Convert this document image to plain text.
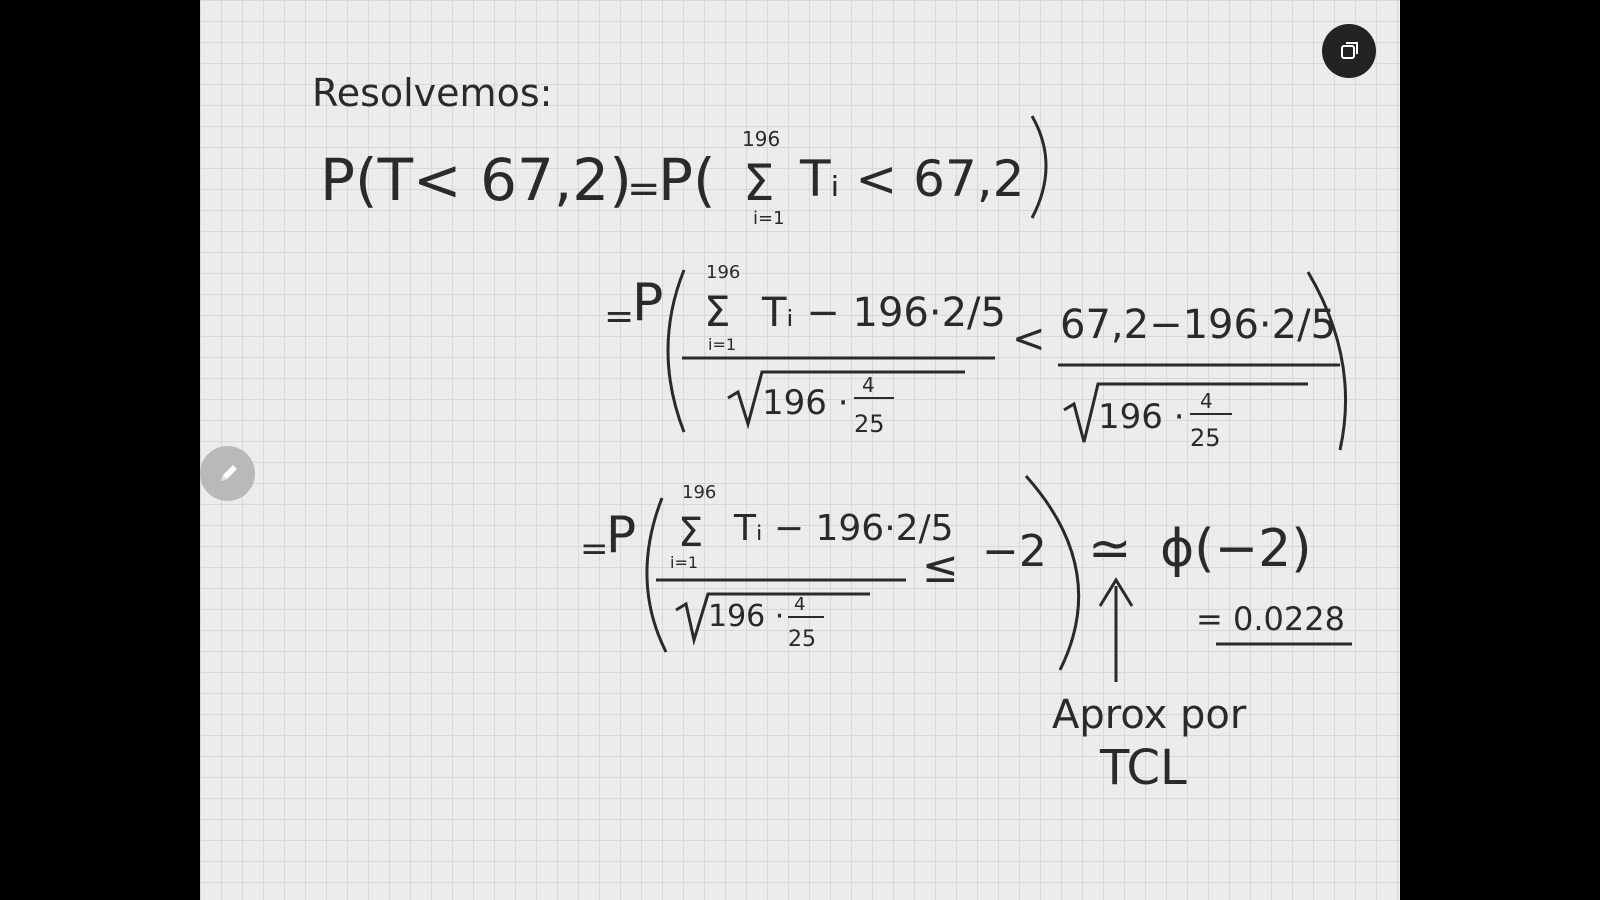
Resolvemos:
P(T< 67,2)
=
P(
196
Σ
i=1
Tᵢ < 67,2
=
P
196
Σ
i=1
Tᵢ − 196·2/5
196 · 4
25
< 67,2−196·2/5
196 · 4
25
=
P
196
Σ
i=1
Tᵢ − 196·2/5
196 · 4
25
≤ −2 ≃ ϕ(−2)
= 0.0228
Aprox por
TCL
